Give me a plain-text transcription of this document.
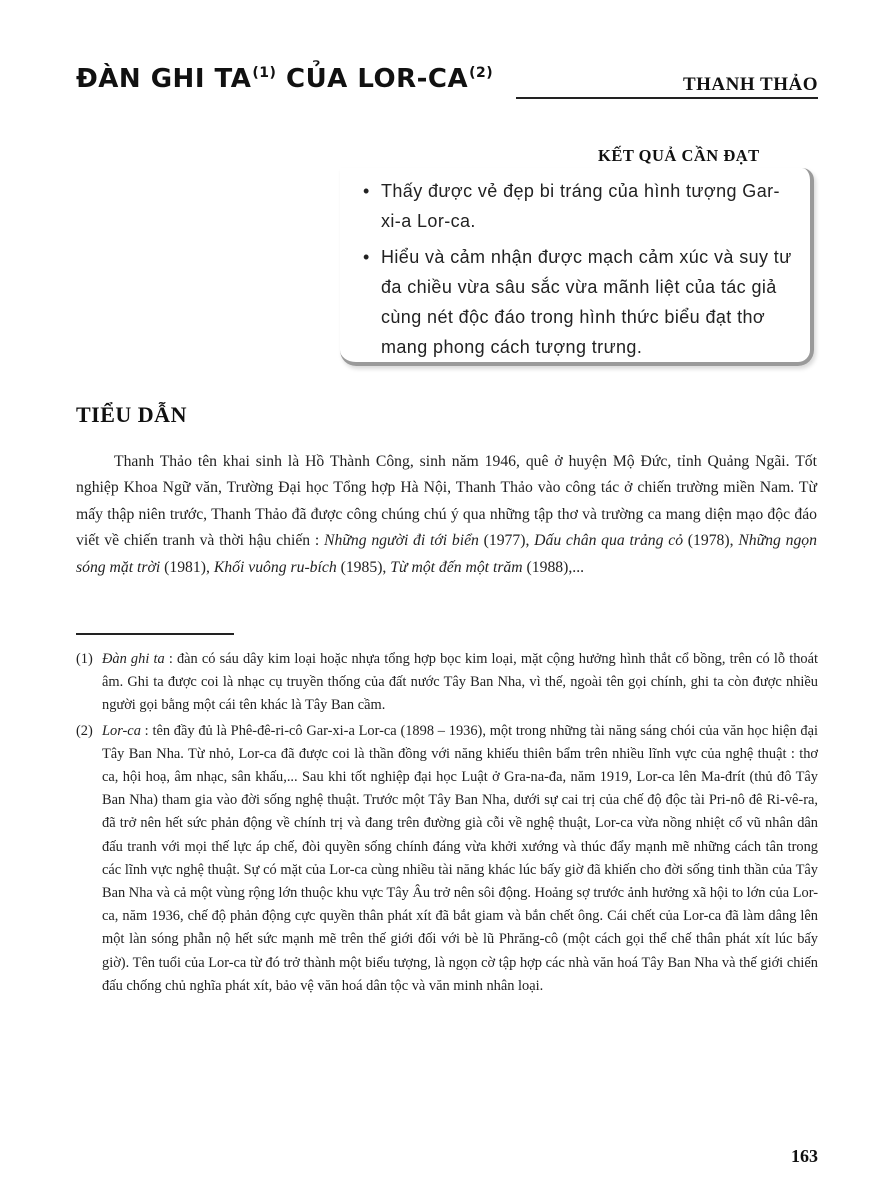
ĐÀN GHI TA$^{(1)}$ CỦA LOR-CA$^{(2)}$
THANH THẢO
KẾT QUẢ CẦN ĐẠT
• Thấy được vẻ đẹp bi tráng của hình tượng Gar-xi-a Lor-ca.
• Hiểu và cảm nhận được mạch cảm xúc và suy tư đa chiều vừa sâu sắc vừa mãnh liệt của tác giả cùng nét độc đáo trong hình thức biểu đạt thơ mang phong cách tượng trưng.
TIỂU DẪN

Thanh Thảo tên khai sinh là Hồ Thành Công, sinh năm 1946, quê ở huyện Mộ Đức, tỉnh Quảng Ngãi. Tốt nghiệp Khoa Ngữ văn, Trường Đại học Tổng hợp Hà Nội, Thanh Thảo vào công tác ở chiến trường miền Nam. Từ mấy thập niên trước, Thanh Thảo đã được công chúng chú ý qua những tập thơ và trường ca mang diện mạo độc đáo viết về chiến tranh và thời hậu chiến : Những người đi tới biển (1977), Dấu chân qua trảng cỏ (1978), Những ngọn sóng mặt trời (1981), Khối vuông ru-bích (1985), Từ một đến một trăm (1988),...

(1) Đàn ghi ta : đàn có sáu dây kim loại hoặc nhựa tổng hợp bọc kim loại, mặt cộng hưởng hình thắt cổ bồng, trên có lỗ thoát âm. Ghi ta được coi là nhạc cụ truyền thống của đất nước Tây Ban Nha, vì thế, ngoài tên gọi chính, ghi ta còn được nhiều người gọi bằng một cái tên khác là Tây Ban cầm.
(2) Lor-ca : tên đầy đủ là Phê-đê-ri-cô Gar-xi-a Lor-ca (1898 – 1936), một trong những tài năng sáng chói của văn học hiện đại Tây Ban Nha. Từ nhỏ, Lor-ca đã được coi là thần đồng với năng khiếu thiên bẩm trên nhiều lĩnh vực của nghệ thuật : thơ ca, hội hoạ, âm nhạc, sân khấu,... Sau khi tốt nghiệp đại học Luật ở Gra-na-đa, năm 1919, Lor-ca lên Ma-đrít (thủ đô Tây Ban Nha) tham gia vào đời sống nghệ thuật. Trước một Tây Ban Nha, dưới sự cai trị của chế độ độc tài Pri-nô đê Ri-vê-ra, đã trở nên hết sức phản động về chính trị và đang trên đường già cỗi về nghệ thuật, Lor-ca vừa nồng nhiệt cổ vũ nhân dân đấu tranh với mọi thế lực áp chế, đòi quyền sống chính đáng vừa khởi xướng và thúc đẩy mạnh mẽ những cách tân trong các lĩnh vực nghệ thuật. Sự có mặt của Lor-ca cùng nhiều tài năng khác lúc bấy giờ đã khiến cho đời sống tinh thần của Tây Ban Nha và cả một vùng rộng lớn thuộc khu vực Tây Âu trở nên sôi động. Hoảng sợ trước ảnh hưởng xã hội to lớn của Lor-ca, năm 1936, chế độ phản động cực quyền thân phát xít đã bắt giam và bắn chết ông. Cái chết của Lor-ca đã làm dâng lên một làn sóng phẫn nộ hết sức mạnh mẽ trên thế giới đối với bè lũ Phrăng-cô (một cách gọi thể chế thân phát xít lúc bấy giờ). Tên tuổi của Lor-ca từ đó trở thành một biểu tượng, là ngọn cờ tập hợp các nhà văn hoá Tây Ban Nha và thế giới chiến đấu chống chủ nghĩa phát xít, bảo vệ văn hoá dân tộc và văn minh nhân loại.
163
